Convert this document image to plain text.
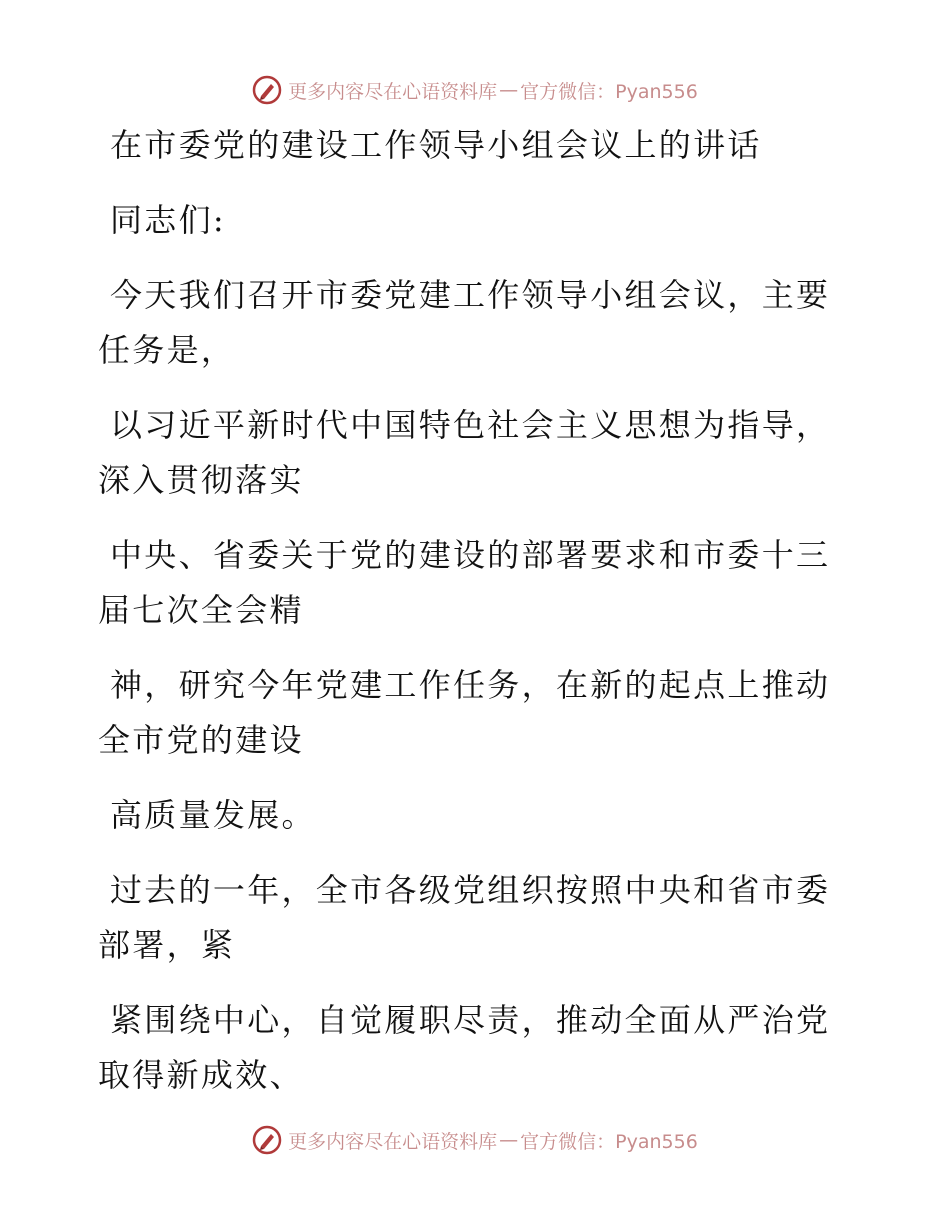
更多内容尽在心语资料库 — 官方微信：Pyan556

在市委党的建设工作领导小组会议上的讲话

同志们:

今天我们召开市委党建工作领导小组会议，主要
任务是，

以习近平新时代中国特色社会主义思想为指导，
深入贯彻落实

中央、省委关于党的建设的部署要求和市委十三
届七次全会精

神，研究今年党建工作任务，在新的起点上推动
全市党的建设

高质量发展。

过去的一年，全市各级党组织按照中央和省市委
部署，紧

紧围绕中心，自觉履职尽责，推动全面从严治党
取得新成效、

更多内容尽在心语资料库 — 官方微信：Pyan556
